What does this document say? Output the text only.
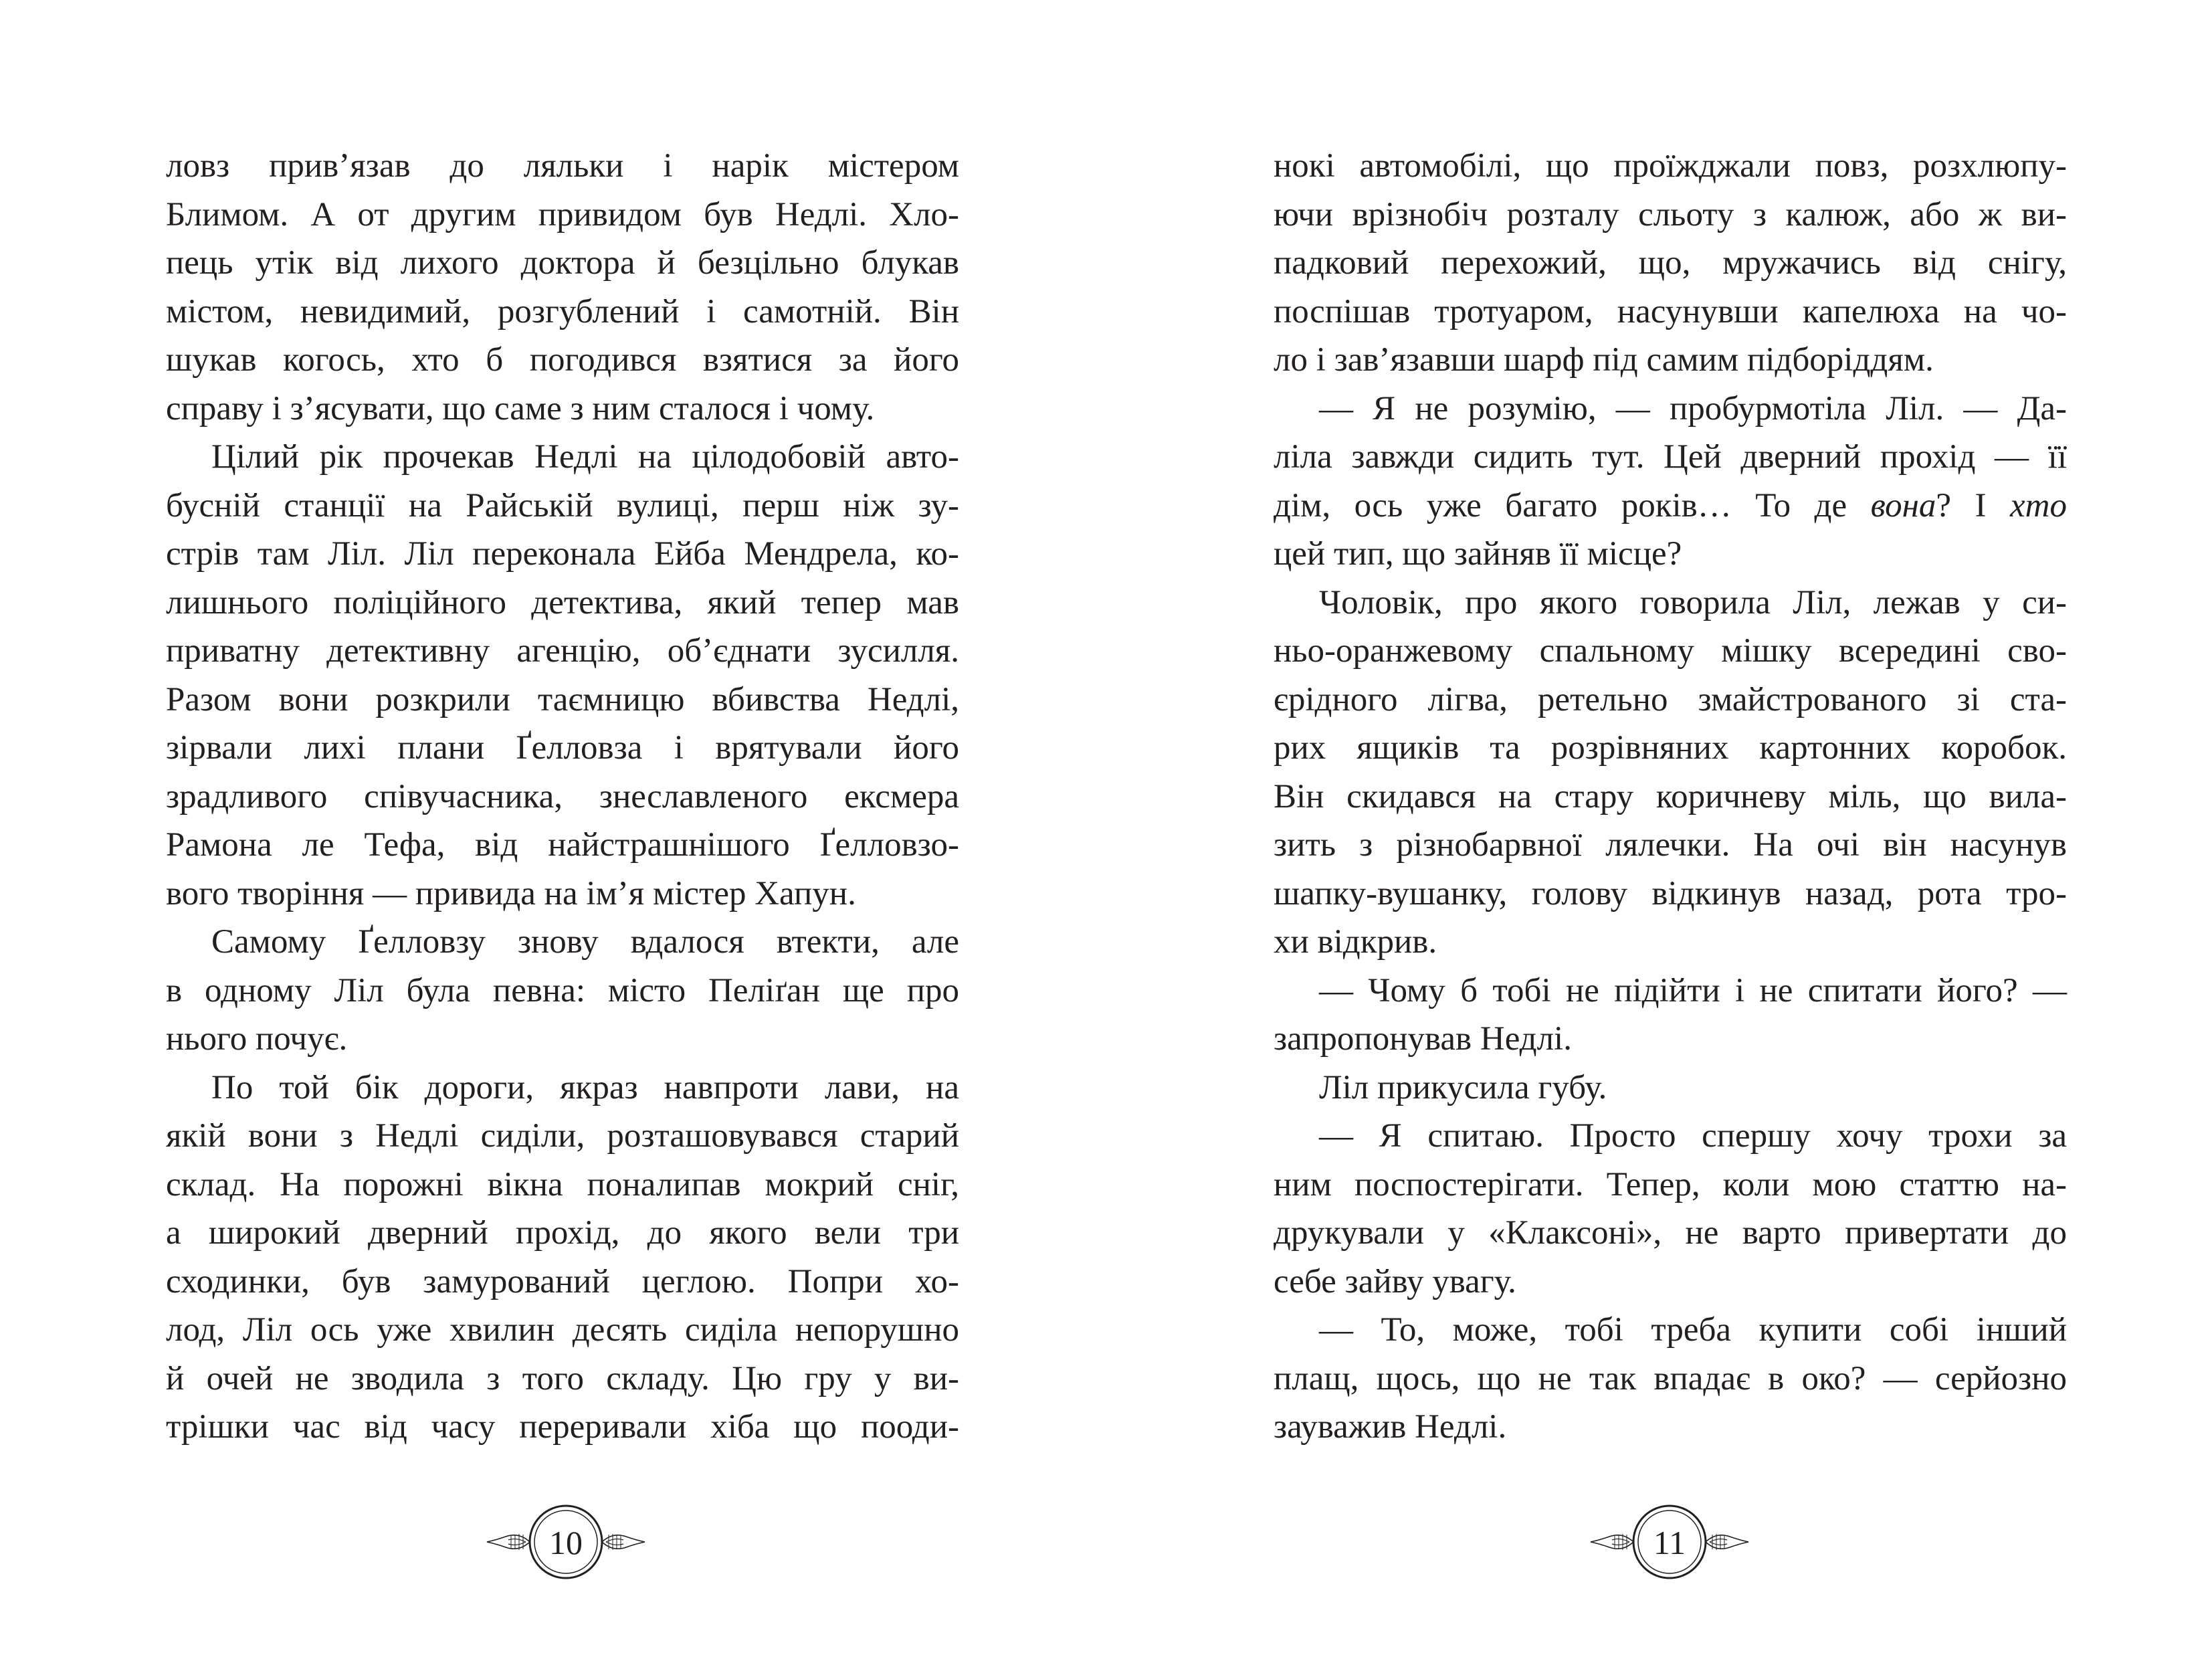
ловз прив’язав до ляльки і нарік містером
Блимом. А от другим привидом був Недлі. Хло-
пець утік від лихого доктора й безцільно блукав
містом, невидимий, розгублений і самотній. Він
шукав когось, хто б погодився взятися за його
справу і з’ясувати, що саме з ним сталося і чому.
Цілий рік прочекав Недлі на цілодобовій авто-
бусній станції на Райській вулиці, перш ніж зу-
стрів там Ліл. Ліл переконала Ейба Мендрела, ко-
лишнього поліційного детектива, який тепер мав
приватну детективну агенцію, об’єднати зусилля.
Разом вони розкрили таємницю вбивства Недлі,
зірвали лихі плани Ґелловза і врятували його
зрадливого співучасника, знеславленого ексмера
Рамона ле Тефа, від найстрашнішого Ґелловзо-
вого творіння — привида на ім’я містер Хапун.
Самому Ґелловзу знову вдалося втекти, але
в одному Ліл була певна: місто Пеліґан ще про
нього почує.
По той бік дороги, якраз навпроти лави, на
якій вони з Недлі сиділи, розташовувався старий
склад. На порожні вікна поналипав мокрий сніг,
а широкий дверний прохід, до якого вели три
сходинки, був замурований цеглою. Попри хо-
лод, Ліл ось уже хвилин десять сиділа непорушно
й очей не зводила з того складу. Цю гру у ви-
трішки час від часу переривали хіба що пооди-
10
нокі автомобілі, що проїжджали повз, розхлюпу-
ючи врізнобіч розталу сльоту з калюж, або ж ви-
падковий перехожий, що, мружачись від снігу,
поспішав тротуаром, насунувши капелюха на чо-
ло і зав’язавши шарф під самим підборіддям.
— Я не розумію, — пробурмотіла Ліл. — Да-
ліла завжди сидить тут. Цей дверний прохід — її
дім, ось уже багато років… То де вона? І хто
цей тип, що зайняв її місце?
Чоловік, про якого говорила Ліл, лежав у си-
ньо-оранжевому спальному мішку всередині сво-
єрідного лігва, ретельно змайстрованого зі ста-
рих ящиків та розрівняних картонних коробок.
Він скидався на стару коричневу міль, що вила-
зить з різнобарвної лялечки. На очі він насунув
шапку-вушанку, голову відкинув назад, рота тро-
хи відкрив.
— Чому б тобі не підійти і не спитати його? —
запропонував Недлі.
Ліл прикусила губу.
— Я спитаю. Просто спершу хочу трохи за
ним поспостерігати. Тепер, коли мою статтю на-
друкували у «Клаксоні», не варто привертати до
себе зайву увагу.
— То, може, тобі треба купити собі інший
плащ, щось, що не так впадає в око? — серйозно
зауважив Недлі.
11
